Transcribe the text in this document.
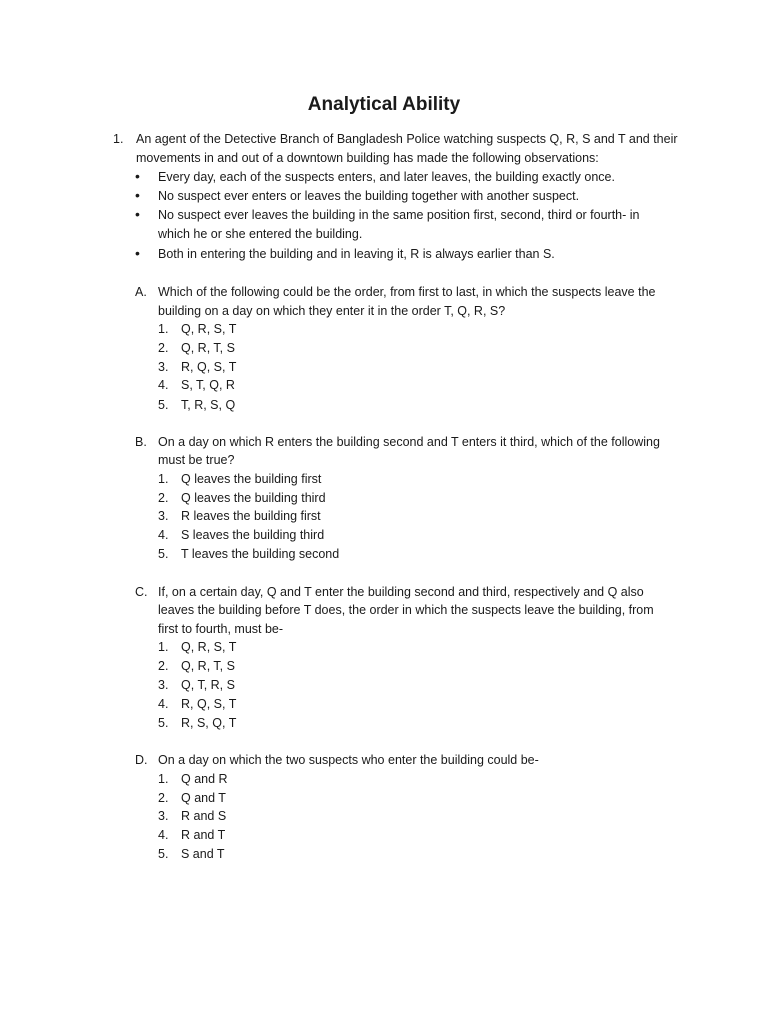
Analytical Ability
1. An agent of the Detective Branch of Bangladesh Police watching suspects Q, R, S and T and their
movements in and out of a downtown building has made the following observations:
• Every day, each of the suspects enters, and later leaves, the building exactly once.
• No suspect ever enters or leaves the building together with another suspect.
• No suspect ever leaves the building in the same position first, second, third or fourth- in
which he or she entered the building.
• Both in entering the building and in leaving it, R is always earlier than S.
A. Which of the following could be the order, from first to last, in which the suspects leave the
building on a day on which they enter it in the order T, Q, R, S?
1. Q, R, S, T
2. Q, R, T, S
3. R, Q, S, T
4. S, T, Q, R
5. T, R, S, Q
B. On a day on which R enters the building second and T enters it third, which of the following
must be true?
1. Q leaves the building first
2. Q leaves the building third
3. R leaves the building first
4. S leaves the building third
5. T leaves the building second
C. If, on a certain day, Q and T enter the building second and third, respectively and Q also
leaves the building before T does, the order in which the suspects leave the building, from
first to fourth, must be-
1. Q, R, S, T
2. Q, R, T, S
3. Q, T, R, S
4. R, Q, S, T
5. R, S, Q, T
D. On a day on which the two suspects who enter the building could be-
1. Q and R
2. Q and T
3. R and S
4. R and T
5. S and T
